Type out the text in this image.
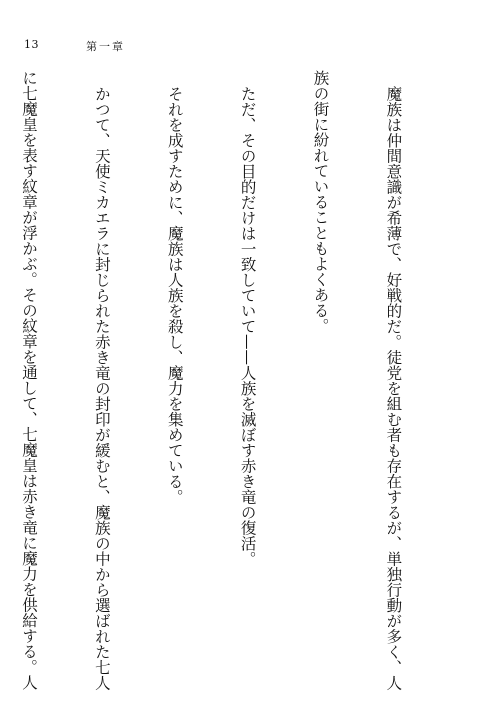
13	第一章

魔族は仲間意識が希薄で、好戦的だ。徒党を組む者も存在するが、単独行動が多く、人

族の街に紛れていることもよくある。

ただ、その目的だけは一致していて——人族を滅ぼす赤き竜の復活。

それを成すために、魔族は人族を殺し、魔力を集めている。

かつて、天使ミカエラに封じられた赤き竜の封印が緩むと、魔族の中から選ばれた七人

に七魔皇を表す紋章が浮かぶ。その紋章を通して、七魔皇は赤き竜に魔力を供給する。人
